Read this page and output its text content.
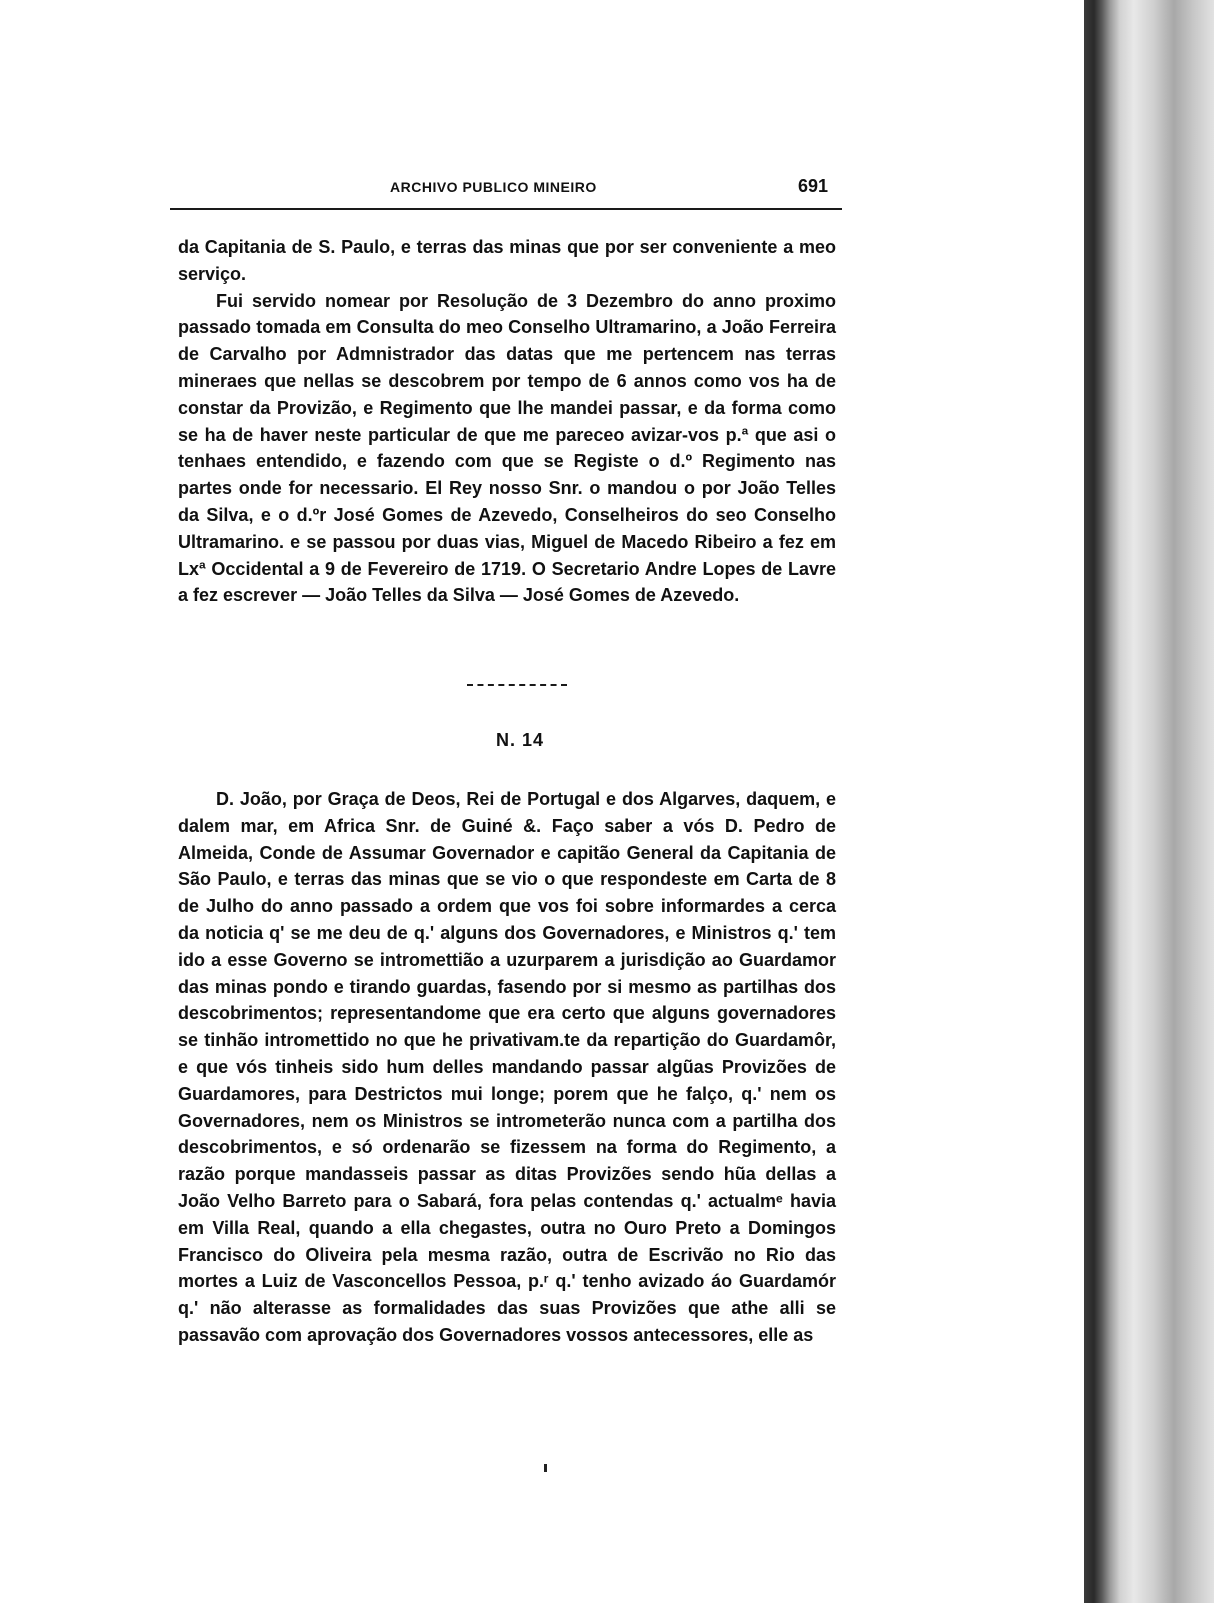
ARCHIVO PUBLICO MINEIRO	691

da Capitania de S. Paulo, e terras das minas que por ser conveniente a meo serviço.

Fui servido nomear por Resolução de 3 Dezembro do anno proximo passado tomada em Consulta do meo Conselho Ultramarino, a João Ferreira de Carvalho por Admnistrador das datas que me pertencem nas terras mineraes que nellas se descobrem por tempo de 6 annos como vos ha de constar da Provizão, e Regimento que lhe mandei passar, e da forma como se ha de haver neste particular de que me pareceo avizar-vos p.ª que asi o tenhaes entendido, e fazendo com que se Registe o d.º Regimento nas partes onde for necessario. El Rey nosso Snr. o mandou o por João Telles da Silva, e o d.ºr José Gomes de Azevedo, Conselheiros do seo Conselho Ultramarino. e se passou por duas vias, Miguel de Macedo Ribeiro a fez em Lxª Occidental a 9 de Fevereiro de 1719. O Secretario Andre Lopes de Lavre a fez escrever — João Telles da Silva — José Gomes de Azevedo.

N. 14

D. João, por Graça de Deos, Rei de Portugal e dos Algarves, daquem, e dalem mar, em Africa Snr. de Guiné &. Faço saber a vós D. Pedro de Almeida, Conde de Assumar Governador e capitão General da Capitania de São Paulo, e terras das minas que se vio o que respondeste em Carta de 8 de Julho do anno passado a ordem que vos foi sobre informardes a cerca da noticia q' se me deu de q.' alguns dos Governadores, e Ministros q.' tem ido a esse Governo se intromettião a uzurparem a jurisdição ao Guardamor das minas pondo e tirando guardas, fasendo por si mesmo as partilhas dos descobrimentos; representandome que era certo que alguns governadores se tinhão intromettido no que he privativam.te da repartição do Guardamôr, e que vós tinheis sido hum delles mandando passar algũas Provizões de Guardamores, para Destrictos mui longe; porem que he falço, q.' nem os Governadores, nem os Ministros se intrometerão nunca com a partilha dos descobrimentos, e só ordenarão se fizessem na forma do Regimento, a razão porque mandasseis passar as ditas Provizões sendo hũa dellas a João Velho Barreto para o Sabará, fora pelas contendas q.' actualmᵉ havia em Villa Real, quando a ella chegastes, outra no Ouro Preto a Domingos Francisco do Oliveira pela mesma razão, outra de Escrivão no Rio das mortes a Luiz de Vasconcellos Pessoa, p.ʳ q.' tenho avizado áo Guardamór q.' não alterasse as formalidades das suas Provizões que athe alli se passavão com aprovação dos Governadores vossos antecessores, elle as
